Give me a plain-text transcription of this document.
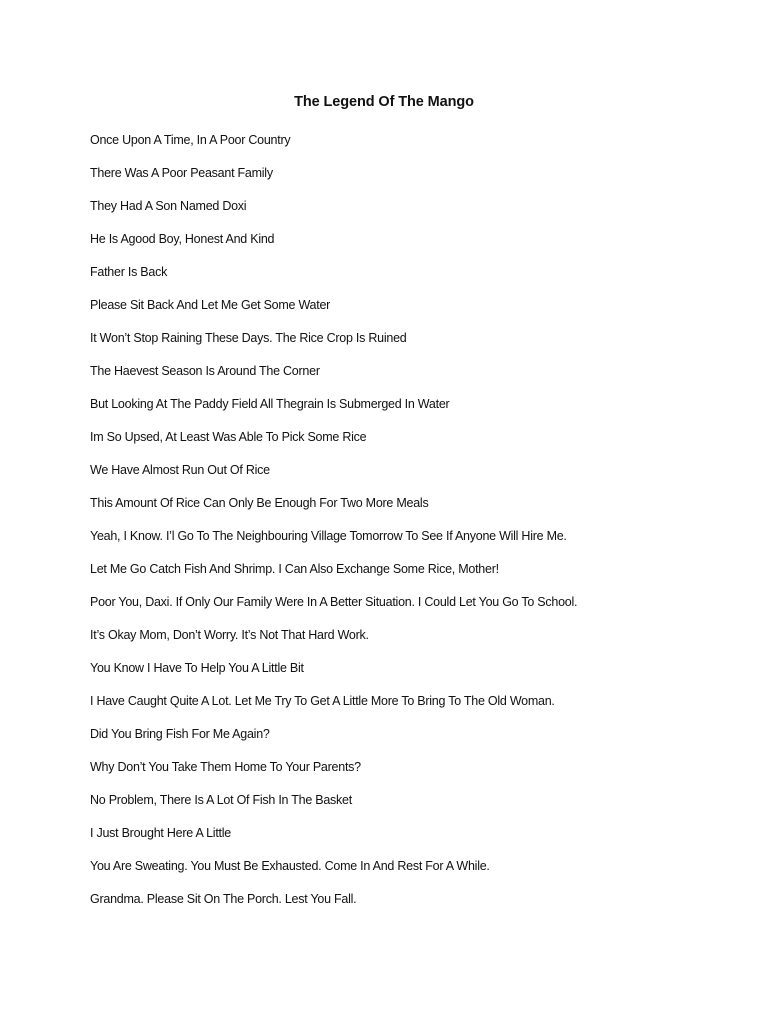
The Legend Of The Mango
Once Upon A Time, In A Poor Country
There Was A Poor Peasant Family
They Had A Son Named Doxi
He Is Agood Boy, Honest And Kind
Father Is Back
Please Sit Back And Let Me Get Some Water
It Won’t Stop Raining These Days. The Rice Crop Is Ruined
The Haevest Season Is Around The Corner
But Looking At The Paddy Field All Thegrain Is Submerged In Water
Im So Upsed, At Least Was Able To Pick Some Rice
We Have Almost Run Out Of Rice
This Amount Of Rice Can Only Be Enough For Two More Meals
Yeah, I Know. I’l Go To The Neighbouring Village Tomorrow To See If Anyone Will Hire Me.
Let Me Go Catch Fish And Shrimp. I Can Also Exchange Some Rice, Mother!
Poor You, Daxi. If Only Our Family Were In A Better Situation. I Could Let You Go To School.
It’s Okay Mom, Don’t Worry. It’s Not That Hard Work.
You Know I Have To Help You A Little Bit
I Have Caught Quite A Lot. Let Me Try To Get A Little More To Bring To The Old Woman.
Did You Bring Fish For Me Again?
Why Don’t You Take Them Home To Your Parents?
No Problem, There Is A Lot Of Fish In The Basket
I Just Brought Here A Little
You Are Sweating. You Must Be Exhausted. Come In And Rest For A While.
Grandma. Please Sit On The Porch. Lest You Fall.
